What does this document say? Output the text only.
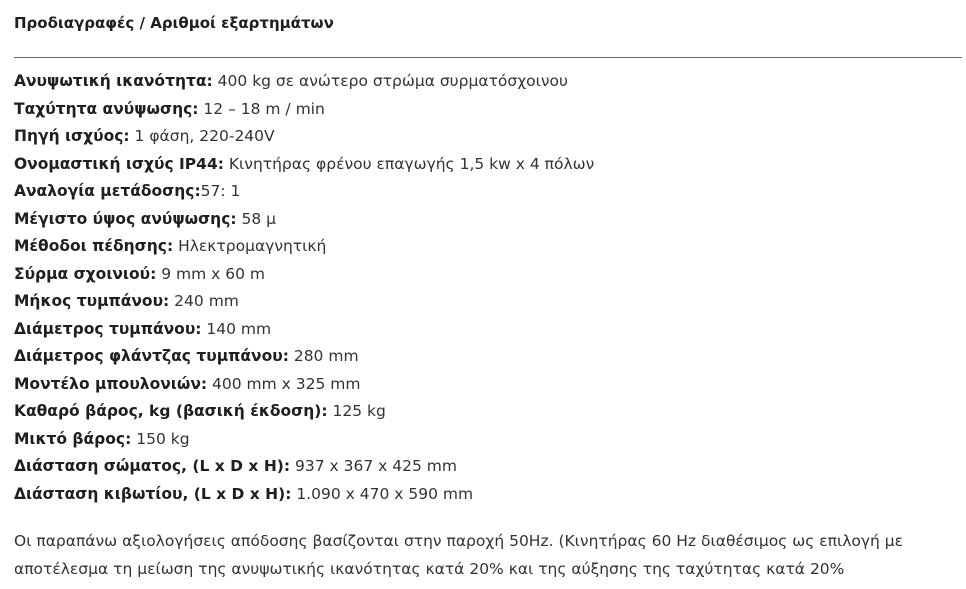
Προδιαγραφές / Αριθμοί εξαρτημάτων
Ανυψωτική ικανότητα: 400 kg σε ανώτερο στρώμα συρματόσχοινου
Ταχύτητα ανύψωσης: 12 – 18 m / min
Πηγή ισχύος: 1 φάση, 220-240V
Ονομαστική ισχύς IP44: Κινητήρας φρένου επαγωγής 1,5 kw x 4 πόλων
Αναλογία μετάδοσης:57: 1
Μέγιστο ύψος ανύψωσης: 58 μ
Μέθοδοι πέδησης: Ηλεκτρομαγνητική
Σύρμα σχοινιού: 9 mm x 60 m
Μήκος τυμπάνου: 240 mm
Διάμετρος τυμπάνου: 140 mm
Διάμετρος φλάντζας τυμπάνου: 280 mm
Μοντέλο μπουλονιών: 400 mm x 325 mm
Καθαρό βάρος, kg (βασική έκδοση): 125 kg
Μικτό βάρος: 150 kg
Διάσταση σώματος, (L x D x H): 937 x 367 x 425 mm
Διάσταση κιβωτίου, (L x D x H): 1.090 x 470 x 590 mm

Οι παραπάνω αξιολογήσεις απόδοσης βασίζονται στην παροχή 50Hz. (Κινητήρας 60 Hz διαθέσιμος ως επιλογή με αποτέλεσμα τη μείωση της ανυψωτικής ικανότητας κατά 20% και της αύξησης της ταχύτητας κατά 20%
